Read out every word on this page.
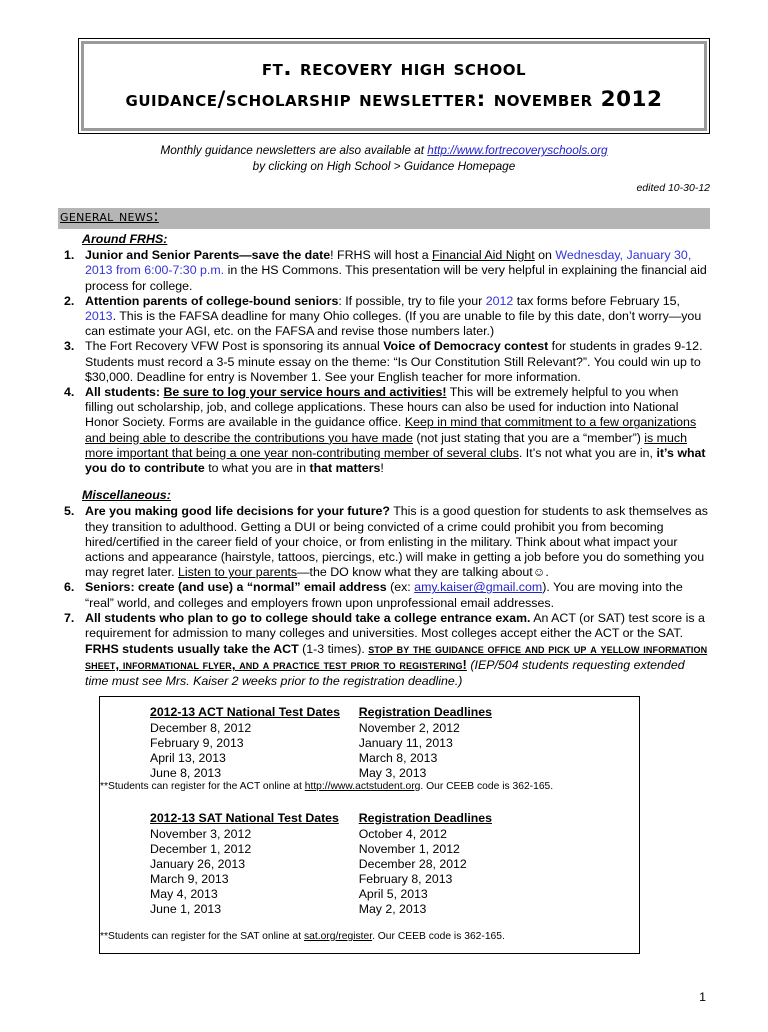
ft. recovery high school
guidance/scholarship newsletter: november 2012
Monthly guidance newsletters are also available at http://www.fortrecoveryschools.org
by clicking on High School > Guidance Homepage
edited 10-30-12
general news:
Around FRHS:
1. Junior and Senior Parents—save the date! FRHS will host a Financial Aid Night on Wednesday, January 30, 2013 from 6:00-7:30 p.m. in the HS Commons. This presentation will be very helpful in explaining the financial aid process for college.
2. Attention parents of college-bound seniors: If possible, try to file your 2012 tax forms before February 15, 2013. This is the FAFSA deadline for many Ohio colleges. (If you are unable to file by this date, don’t worry—you can estimate your AGI, etc. on the FAFSA and revise those numbers later.)
3. The Fort Recovery VFW Post is sponsoring its annual Voice of Democracy contest for students in grades 9-12. Students must record a 3-5 minute essay on the theme: “Is Our Constitution Still Relevant?”. You could win up to $30,000. Deadline for entry is November 1. See your English teacher for more information.
4. All students: Be sure to log your service hours and activities! This will be extremely helpful to you when filling out scholarship, job, and college applications. These hours can also be used for induction into National Honor Society. Forms are available in the guidance office. Keep in mind that commitment to a few organizations and being able to describe the contributions you have made (not just stating that you are a “member”) is much more important that being a one year non-contributing member of several clubs. It’s not what you are in, it’s what you do to contribute to what you are in that matters!
Miscellaneous:
5. Are you making good life decisions for your future? This is a good question for students to ask themselves as they transition to adulthood. Getting a DUI or being convicted of a crime could prohibit you from becoming hired/certified in the career field of your choice, or from enlisting in the military. Think about what impact your actions and appearance (hairstyle, tattoos, piercings, etc.) will make in getting a job before you do something you may regret later. Listen to your parents—the DO know what they are talking about☺.
6. Seniors: create (and use) a “normal” email address (ex: amy.kaiser@gmail.com). You are moving into the “real” world, and colleges and employers frown upon unprofessional email addresses.
7. All students who plan to go to college should take a college entrance exam. An ACT (or SAT) test score is a requirement for admission to many colleges and universities. Most colleges accept either the ACT or the SAT. FRHS students usually take the ACT (1-3 times). stop by the guidance office and pick up a yellow information sheet, informational flyer, and a practice test prior to registering! (IEP/504 students requesting extended time must see Mrs. Kaiser 2 weeks prior to the registration deadline.)
2012-13 ACT National Test Dates	Registration Deadlines
December 8, 2012	November 2, 2012
February 9, 2013	January 11, 2013
April 13, 2013	March 8, 2013
June 8, 2013	May 3, 2013
**Students can register for the ACT online at http://www.actstudent.org. Our CEEB code is 362-165.	

2012-13 SAT National Test Dates	Registration Deadlines
November 3, 2012	October 4, 2012
December 1, 2012	November 1, 2012
January 26, 2013	December 28, 2012
March 9, 2013	February 8, 2013
May 4, 2013	April 5, 2013
June 1, 2013	May 2, 2013

**Students can register for the SAT online at sat.org/register. Our CEEB code is 362-165.	
1
